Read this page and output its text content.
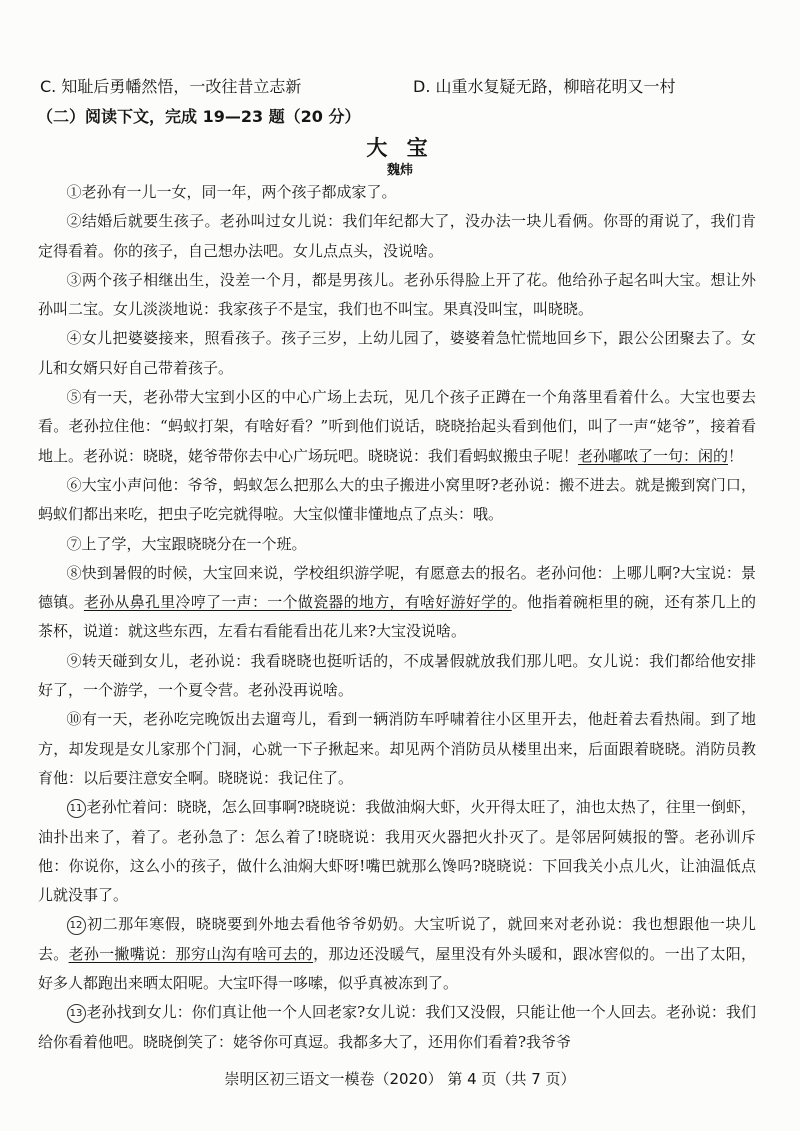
C. 知耻后勇幡然悟，一改往昔立志新	D. 山重水复疑无路，柳暗花明又一村
（二）阅读下文，完成 19—23 题（20 分）
大 宝
魏炜

①老孙有一儿一女，同一年，两个孩子都成家了。

②结婚后就要生孩子。老孙叫过女儿说：我们年纪都大了，没办法一块儿看俩。你哥的甭说了，我们肯定得看着。你的孩子，自己想办法吧。女儿点点头，没说啥。

③两个孩子相继出生，没差一个月，都是男孩儿。老孙乐得脸上开了花。他给孙子起名叫大宝。想让外孙叫二宝。女儿淡淡地说：我家孩子不是宝，我们也不叫宝。果真没叫宝，叫晓晓。

④女儿把婆婆接来，照看孩子。孩子三岁，上幼儿园了，婆婆着急忙慌地回乡下，跟公公团聚去了。女儿和女婿只好自己带着孩子。

⑤有一天，老孙带大宝到小区的中心广场上去玩，见几个孩子正蹲在一个角落里看着什么。大宝也要去看。老孙拉住他：“蚂蚁打架，有啥好看？”听到他们说话，晓晓抬起头看到他们，叫了一声“姥爷”，接着看地上。老孙说：晓晓，姥爷带你去中心广场玩吧。晓晓说：我们看蚂蚁搬虫子呢！老孙嘟哝了一句：闲的！

⑥大宝小声问他：爷爷，蚂蚁怎么把那么大的虫子搬进小窝里呀?老孙说：搬不进去。就是搬到窝门口，蚂蚁们都出来吃，把虫子吃完就得啦。大宝似懂非懂地点了点头：哦。

⑦上了学，大宝跟晓晓分在一个班。

⑧快到暑假的时候，大宝回来说，学校组织游学呢，有愿意去的报名。老孙问他：上哪儿啊?大宝说：景德镇。老孙从鼻孔里冷哼了一声：一个做瓷器的地方，有啥好游好学的。他指着碗柜里的碗，还有茶几上的茶杯，说道：就这些东西，左看右看能看出花儿来?大宝没说啥。

⑨转天碰到女儿，老孙说：我看晓晓也挺听话的，不成暑假就放我们那儿吧。女儿说：我们都给他安排好了，一个游学，一个夏令营。老孙没再说啥。

⑩有一天，老孙吃完晚饭出去遛弯儿，看到一辆消防车呼啸着往小区里开去，他赶着去看热闹。到了地方，却发现是女儿家那个门洞，心就一下子揪起来。却见两个消防员从楼里出来，后面跟着晓晓。消防员教育他：以后要注意安全啊。晓晓说：我记住了。

11 老孙忙着问：晓晓，怎么回事啊?晓晓说：我做油焖大虾，火开得太旺了，油也太热了，往里一倒虾，油扑出来了，着了。老孙急了：怎么着了!晓晓说：我用灭火器把火扑灭了。是邻居阿姨报的警。老孙训斥他：你说你，这么小的孩子，做什么油焖大虾呀!嘴巴就那么馋吗?晓晓说：下回我关小点儿火，让油温低点儿就没事了。

12 初二那年寒假，晓晓要到外地去看他爷爷奶奶。大宝听说了，就回来对老孙说：我也想跟他一块儿去。老孙一撇嘴说：那穷山沟有啥可去的，那边还没暖气，屋里没有外头暖和，跟冰窖似的。一出了太阳，好多人都跑出来晒太阳呢。大宝吓得一哆嗦，似乎真被冻到了。

13 老孙找到女儿：你们真让他一个人回老家?女儿说：我们又没假，只能让他一个人回去。老孙说：我们给你看着他吧。晓晓倒笑了：姥爷你可真逗。我都多大了，还用你们看着?我爷爷

崇明区初三语文一模卷（2020） 第 4 页（共 7 页）
